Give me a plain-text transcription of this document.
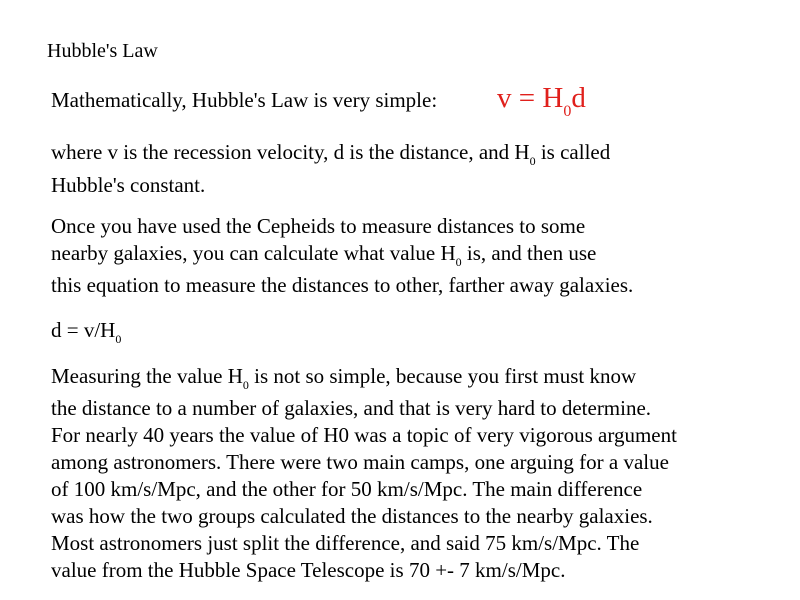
Hubble's Law
Mathematically, Hubble's Law is very simple: $v = H_0d$
where v is the recession velocity, d is the distance, and $H_0$ is called
Hubble's constant.
Once you have used the Cepheids to measure distances to some
nearby galaxies, you can calculate what value $H_0$ is, and then use
this equation to measure the distances to other, farther away galaxies.
$d = v/H_0$
Measuring the value $H_0$ is not so simple, because you first must know
the distance to a number of galaxies, and that is very hard to determine.
For nearly 40 years the value of H0 was a topic of very vigorous argument
among astronomers. There were two main camps, one arguing for a value
of 100 km/s/Mpc, and the other for 50 km/s/Mpc. The main difference
was how the two groups calculated the distances to the nearby galaxies.
Most astronomers just split the difference, and said 75 km/s/Mpc. The
value from the Hubble Space Telescope is 70 +- 7 km/s/Mpc.
